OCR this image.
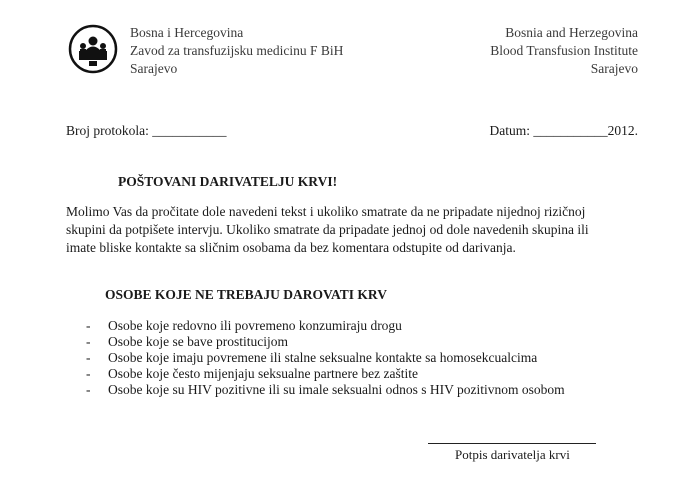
Bosna i Hercegovina
Zavod za transfuzijsku medicinu F BiH
Sarajevo
Bosnia and Herzegovina
Blood Transfusion Institute
Sarajevo
Broj protokola: ___________	Datum: ___________2012.
POŠTOVANI DARIVATELJU KRVI!
Molimo Vas da pročitate dole navedeni tekst i ukoliko smatrate da ne pripadate nijednoj rizičnoj
skupini da potpišete intervju. Ukoliko smatrate da pripadate jednoj od dole navedenih skupina ili
imate bliske kontakte sa sličnim osobama da bez komentara odstupite od darivanja.
OSOBE KOJE NE TREBAJU DAROVATI KRV
- Osobe koje redovno ili povremeno konzumiraju drogu
- Osobe koje se bave prostitucijom
- Osobe koje imaju povremene ili stalne seksualne kontakte sa homosekcualcima
- Osobe koje često mijenjaju seksualne partnere bez zaštite
- Osobe koje su HIV pozitivne ili su imale seksualni odnos s HIV pozitivnom osobom
Potpis darivatelja krvi
